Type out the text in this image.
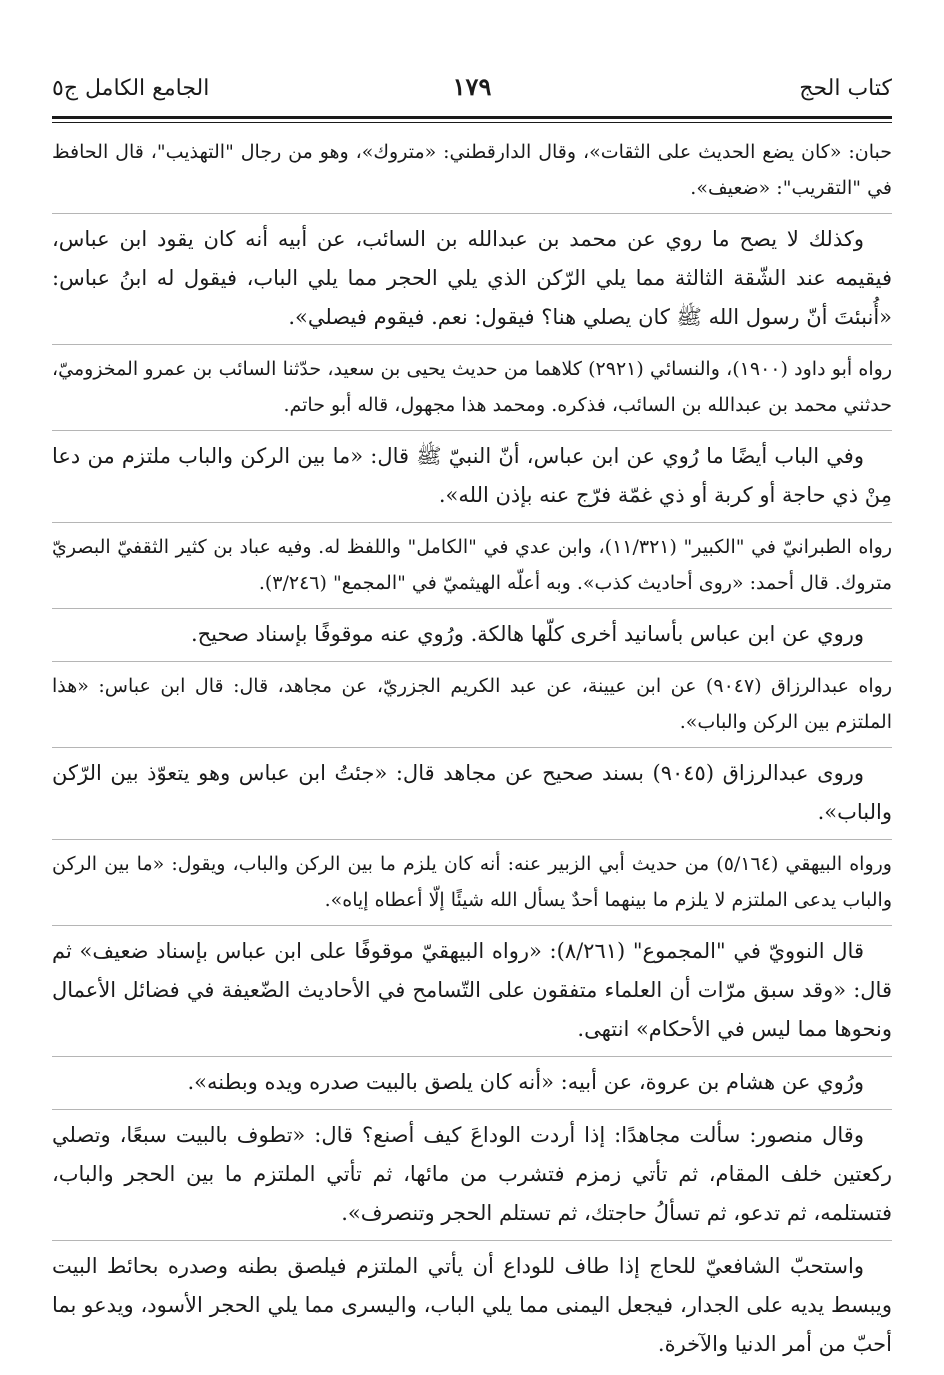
كتاب الحج
١٧٩
الجامع الكامل ج٥

حبان: «كان يضع الحديث على الثقات»، وقال الدارقطني: «متروك»، وهو من رجال "التهذيب"، قال الحافظ في "التقريب": «ضعيف».

وكذلك لا يصح ما روي عن محمد بن عبدالله بن السائب، عن أبيه أنه كان يقود ابن عباس، فيقيمه عند الشّقة الثالثة مما يلي الرّكن الذي يلي الحجر مما يلي الباب، فيقول له ابنُ عباس: «أُنبئتَ أنّ رسول الله ﷺ كان يصلي هنا؟ فيقول: نعم. فيقوم فيصلي».

رواه أبو داود (١٩٠٠)، والنسائي (٢٩٢١) كلاهما من حديث يحيى بن سعيد، حدّثنا السائب بن عمرو المخزوميّ، حدثني محمد بن عبدالله بن السائب، فذكره. ومحمد هذا مجهول، قاله أبو حاتم.

وفي الباب أيضًا ما رُوي عن ابن عباس، أنّ النبيّ ﷺ قال: «ما بين الركن والباب ملتزم من دعا مِنْ ذي حاجة أو كربة أو ذي غمّة فرّج عنه بإذن الله».

رواه الطبرانيّ في "الكبير" (١١/٣٢١)، وابن عدي في "الكامل" واللفظ له. وفيه عباد بن كثير الثقفيّ البصريّ متروك. قال أحمد: «روى أحاديث كذب». وبه أعلّه الهيثميّ في "المجمع" (٣/٢٤٦).

وروي عن ابن عباس بأسانيد أخرى كلّها هالكة. ورُوي عنه موقوفًا بإسناد صحيح.

رواه عبدالرزاق (٩٠٤٧) عن ابن عيينة، عن عبد الكريم الجزريّ، عن مجاهد، قال: قال ابن عباس: «هذا الملتزم بين الركن والباب».

وروى عبدالرزاق (٩٠٤٥) بسند صحيح عن مجاهد قال: «جئتُ ابن عباس وهو يتعوّذ بين الرّكن والباب».

ورواه البيهقي (٥/١٦٤) من حديث أبي الزبير عنه: أنه كان يلزم ما بين الركن والباب، ويقول: «ما بين الركن والباب يدعى الملتزم لا يلزم ما بينهما أحدٌ يسأل الله شيئًا إلّا أعطاه إياه».

قال النوويّ في "المجموع" (٨/٢٦١): «رواه البيهقيّ موقوفًا على ابن عباس بإسناد ضعيف» ثم قال: «وقد سبق مرّات أن العلماء متفقون على التّسامح في الأحاديث الضّعيفة في فضائل الأعمال ونحوها مما ليس في الأحكام» انتهى.

ورُوي عن هشام بن عروة، عن أبيه: «أنه كان يلصق بالبيت صدره ويده وبطنه».

وقال منصور: سألت مجاهدًا: إذا أردت الوداعَ كيف أصنع؟ قال: «تطوف بالبيت سبعًا، وتصلي ركعتين خلف المقام، ثم تأتي زمزم فتشرب من مائها، ثم تأتي الملتزم ما بين الحجر والباب، فتستلمه، ثم تدعو، ثم تسألُ حاجتك، ثم تستلم الحجر وتنصرف».

واستحبّ الشافعيّ للحاج إذا طاف للوداع أن يأتي الملتزم فيلصق بطنه وصدره بحائط البيت ويبسط يديه على الجدار، فيجعل اليمنى مما يلي الباب، واليسرى مما يلي الحجر الأسود، ويدعو بما أحبّ من أمر الدنيا والآخرة.
